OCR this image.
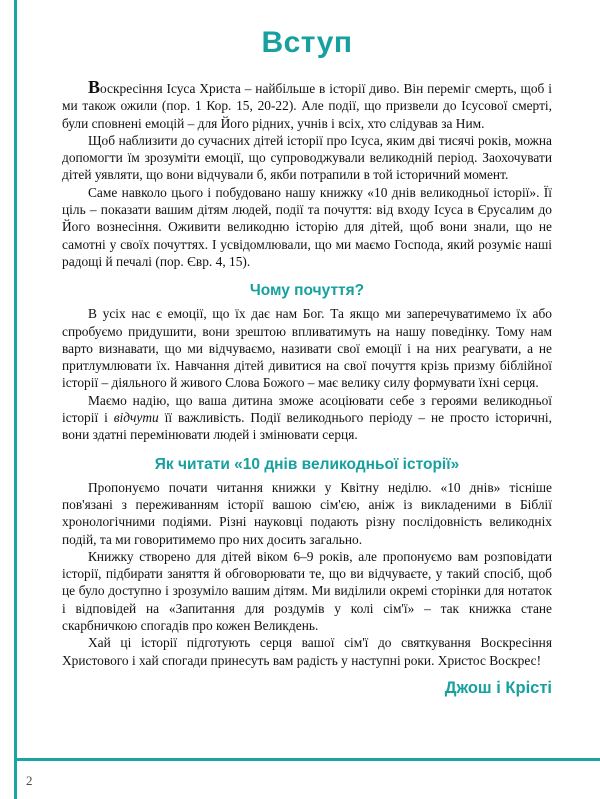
Вступ

Воскресіння Ісуса Христа – найбільше в історії диво. Він переміг смерть, щоб і ми також ожили (пор. 1 Кор. 15, 20-22). Але події, що призвели до Ісусової смерті, були сповнені емоцій – для Його рідних, учнів і всіх, хто слідував за Ним.

Щоб наблизити до сучасних дітей історії про Ісуса, яким дві тисячі років, можна допомогти їм зрозуміти емоції, що супроводжували великодній період. Заохочувати дітей уявляти, що вони відчували б, якби потрапили в той історичний момент.

Саме навколо цього і побудовано нашу книжку «10 днів великодньої історії». Її ціль – показати вашим дітям людей, події та почуття: від входу Ісуса в Єрусалим до Його вознесіння. Оживити великодню історію для дітей, щоб вони знали, що не самотні у своїх почуттях. І усвідомлювали, що ми маємо Господа, який розуміє наші радощі й печалі (пор. Євр. 4, 15).

Чому почуття?

В усіх нас є емоції, що їх дає нам Бог. Та якщо ми заперечуватимемо їх або спробуємо придушити, вони зрештою впливатимуть на нашу поведінку. Тому нам варто визнавати, що ми відчуваємо, називати свої емоції і на них реагувати, а не притлумлювати їх. Навчання дітей дивитися на свої почуття крізь призму біблійної історії – діяльного й живого Слова Божого – має велику силу формувати їхні серця.

Маємо надію, що ваша дитина зможе асоціювати себе з героями великодньої історії і відчути її важливість. Події великоднього періоду – не просто історичні, вони здатні перемінювати людей і змінювати серця.

Як читати «10 днів великодньої історії»

Пропонуємо почати читання книжки у Квітну неділю. «10 днів» тісніше пов'язані з переживанням історії вашою сім'єю, аніж із викладеними в Біблії хронологічними подіями. Різні науковці подають різну послідовність великодніх подій, та ми говоритимемо про них досить загально.

Книжку створено для дітей віком 6–9 років, але пропонуємо вам розповідати історії, підбирати заняття й обговорювати те, що ви відчуваєте, у такий спосіб, щоб це було доступно і зрозуміло вашим дітям. Ми виділили окремі сторінки для нотаток і відповідей на «Запитання для роздумів у колі сім'ї» – так книжка стане скарбничкою спогадів про кожен Великдень.

Хай ці історії підготують серця вашої сім'ї до святкування Воскресіння Христового і хай спогади принесуть вам радість у наступні роки. Христос Воскрес!

Джош і Крісті
2
